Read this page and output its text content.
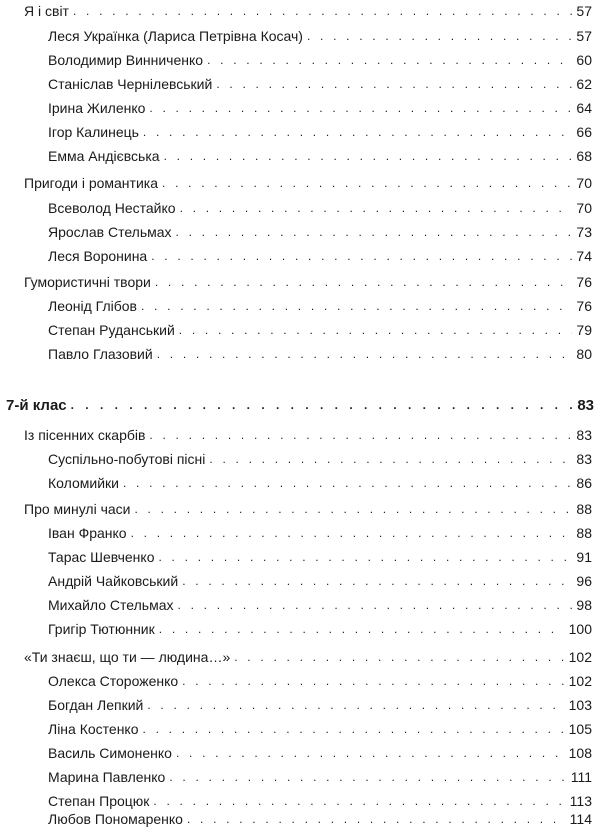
Я і світ . . .	57
Леся Українка (Лариса Петрівна Косач) . . .	57
Володимир Винниченко . . .	60
Станіслав Чернілевський . . .	62
Ірина Жиленко . . .	64
Ігор Калинець . . .	66
Емма Андієвська . . .	68
Пригоди і романтика . . .	70
Всеволод Нестайко . . .	70
Ярослав Стельмах . . .	73
Леся Воронина . . .	74
Гумористичні твори . . .	76
Леонід Глібов . . .	76
Степан Руданський . . .	79
Павло Глазовий . . .	80
7-й клас . . .	83
Із пісенних скарбів . . .	83
Суспільно-побутові пісні . . .	83
Коломийки . . .	86
Про минулі часи . . .	88
Іван Франко . . .	88
Тарас Шевченко . . .	91
Андрій Чайковський . . .	96
Михайло Стельмах . . .	98
Григір Тютюнник . . .	100
«Ти знаєш, що ти — людина…» . . .	102
Олекса Стороженко . . .	102
Богдан Лепкий . . .	103
Ліна Костенко . . .	105
Василь Симоненко . . .	108
Марина Павленко . . .	111
Степан Процюк . . .	113
Любов Пономаренко . . .	114
